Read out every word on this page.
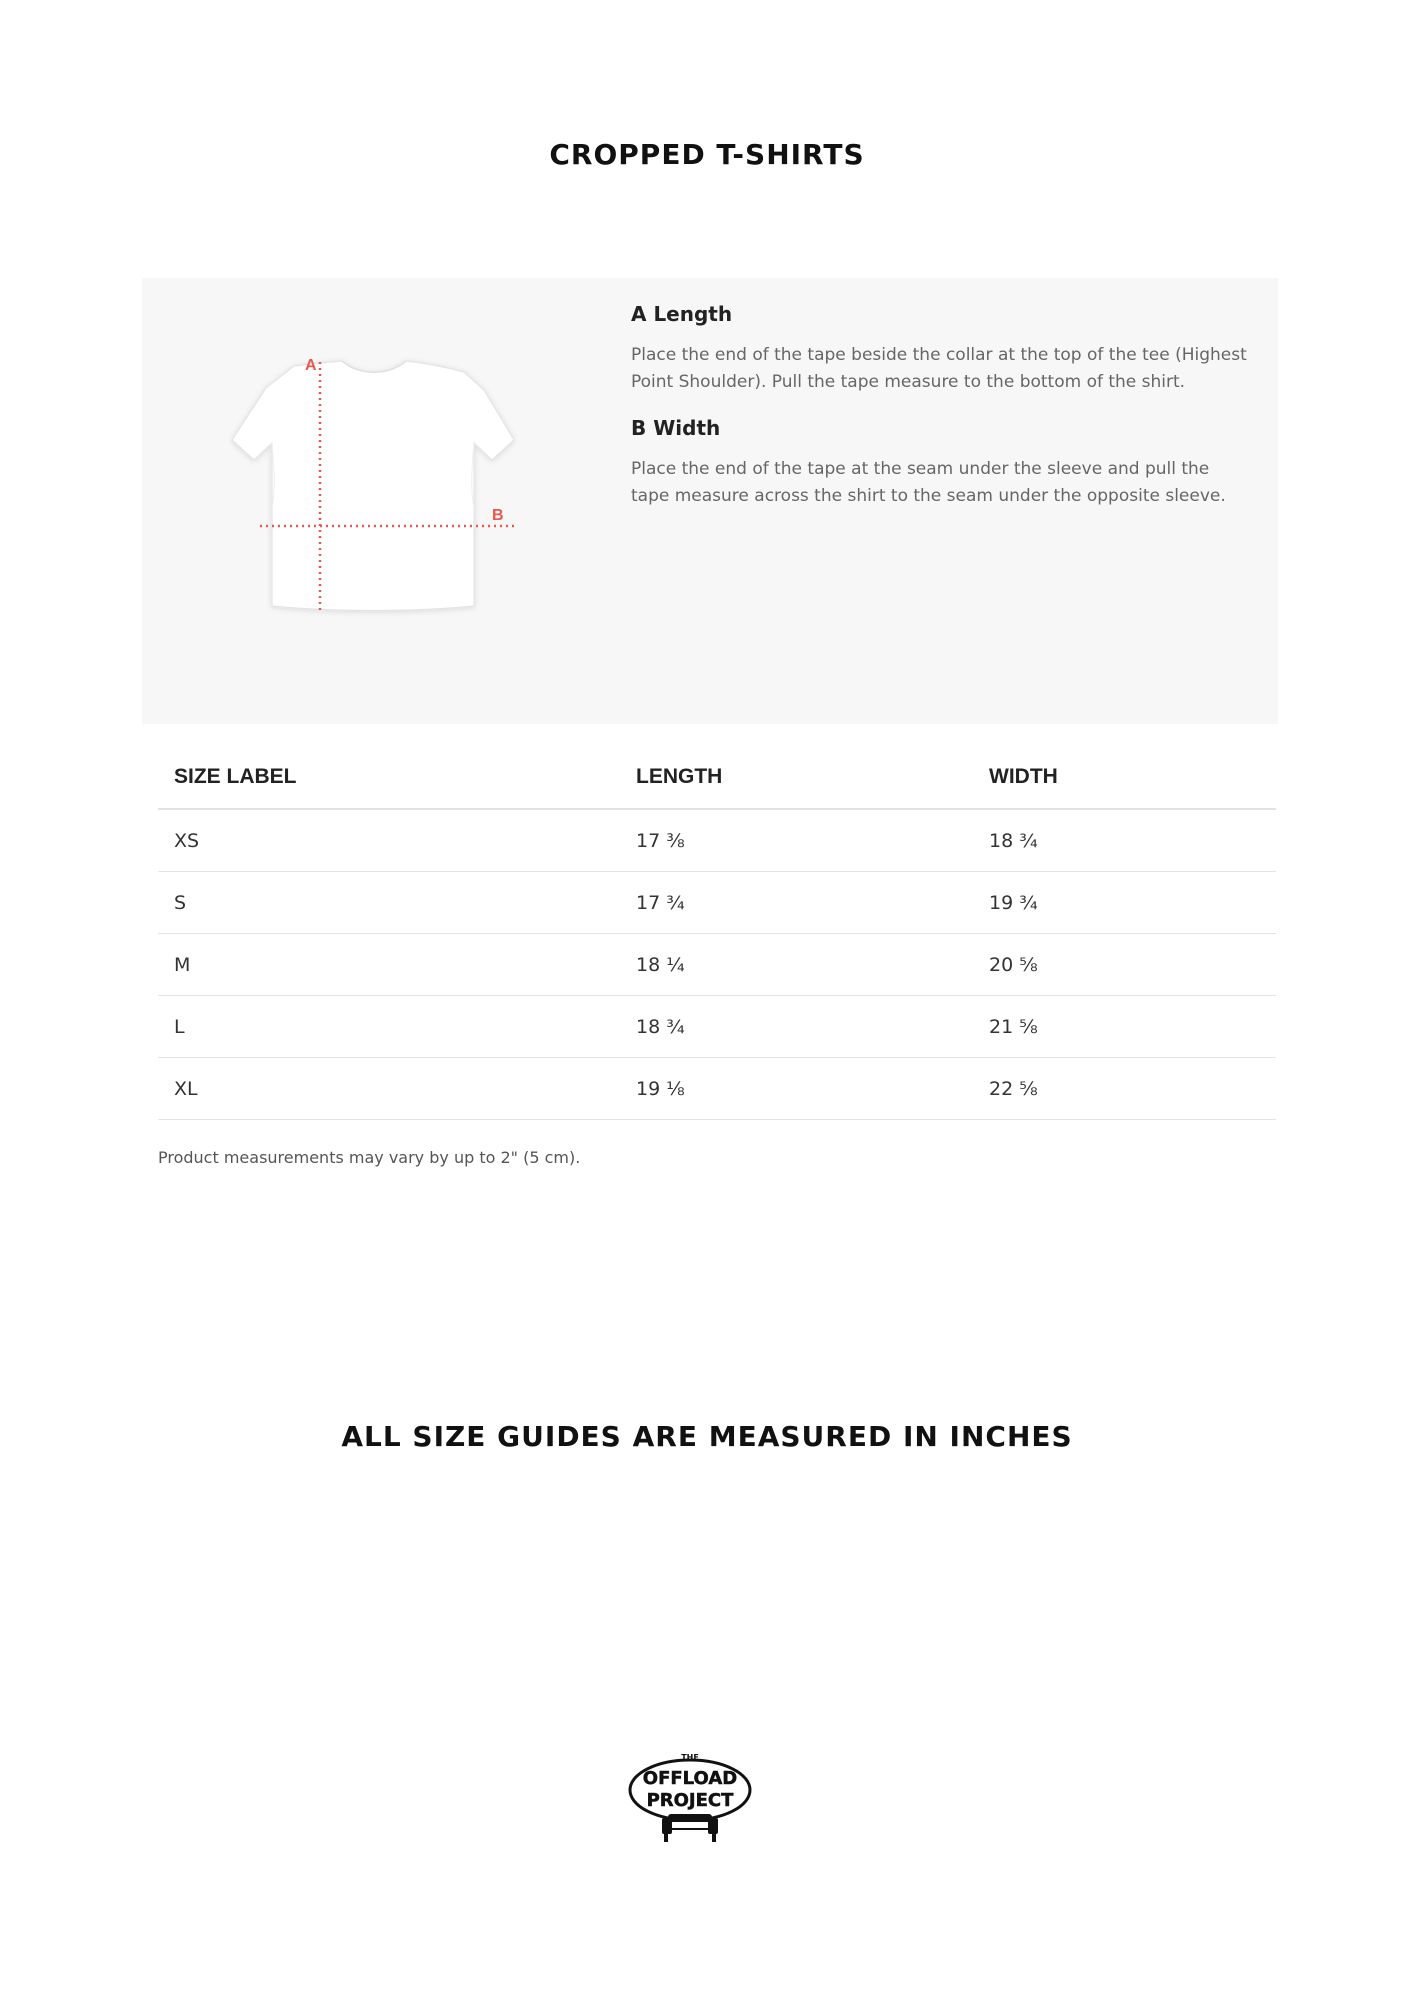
CROPPED T-SHIRTS
A
B
A Length

Place the end of the tape beside the collar at the top of the tee (Highest Point Shoulder). Pull the tape measure to the bottom of the shirt.

B Width

Place the end of the tape at the seam under the sleeve and pull the tape measure across the shirt to the seam under the opposite sleeve.

SIZE LABEL	LENGTH	WIDTH
XS	17 ⅜	18 ¾
S	17 ¾	19 ¾
M	18 ¼	20 ⅝
L	18 ¾	21 ⅝
XL	19 ⅛	22 ⅝
Product measurements may vary by up to 2" (5 cm).
ALL SIZE GUIDES ARE MEASURED IN INCHES
THE
OFFLOAD
PROJECT
